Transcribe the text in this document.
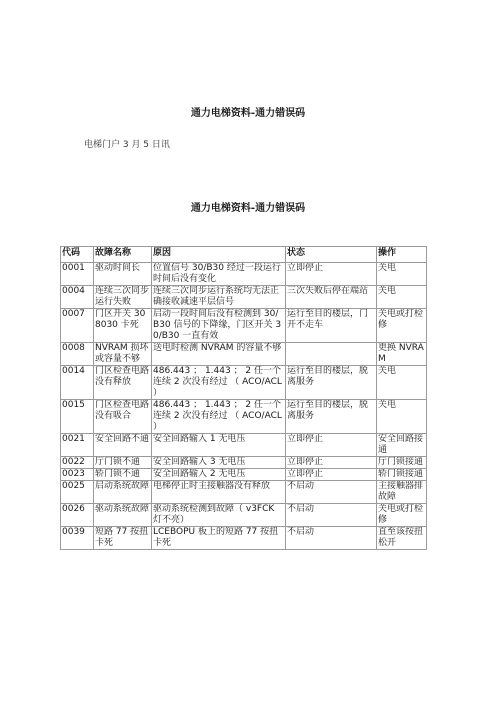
通力电梯资料-通力错误码
电梯门户 3 月 5 日讯
通力电梯资料-通力错误码
代码	故障名称	原因	状态	操作
0001	驱动时间长	位置信号 30/B30 经过一段运行时间后没有变化	立即停止	关电
0004	连续三次同步运行失败	连续三次同步运行系统均无法正确接收减速平层信号	三次失败后停在端站	关电
0007	门区开关 308030 卡死	启动一段时间后没有检测到 30/B30 信号的下降缘，门区开关 30/B30 一直有效	运行至目的楼层，门开不走车	关电或打检修
0008	NVRAM 损坏或容量不够	送电时检测 NVRAM 的容量不够		更换 NVRAM
0014	门区检查电路没有释放	486.443 ； 1.443 ； 2 任一个连续 2 次没有经过 （ ACO/ACL ）	运行至目的楼层，脱离服务	关电
0015	门区检查电路没有吸合	486.443 ； 1.443 ； 2 任一个连续 2 次没有经过 （ ACO/ACL ）	运行至目的楼层，脱离服务	关电
0021	安全回路不通	安全回路输入 1 无电压	立即停止	安全回路接通
0022	厅门锁不通	安全回路输入 3 无电压	立即停止	厅门锁接通
0023	轿门锁不通	安全回路输入 2 无电压	立即停止	轿门锁接通
0025	启动系统故障	电梯停止时主接触器没有释放	不启动	主接触器排故障
0026	驱动系统故障	驱动系统检测到故障（ v3FCK 灯不亮）	不启动	关电或打检修
0039	短路 77 按扭卡死	LCEBOPU 板上的短路 77 按扭卡死	不启动	直至该按扭松开
